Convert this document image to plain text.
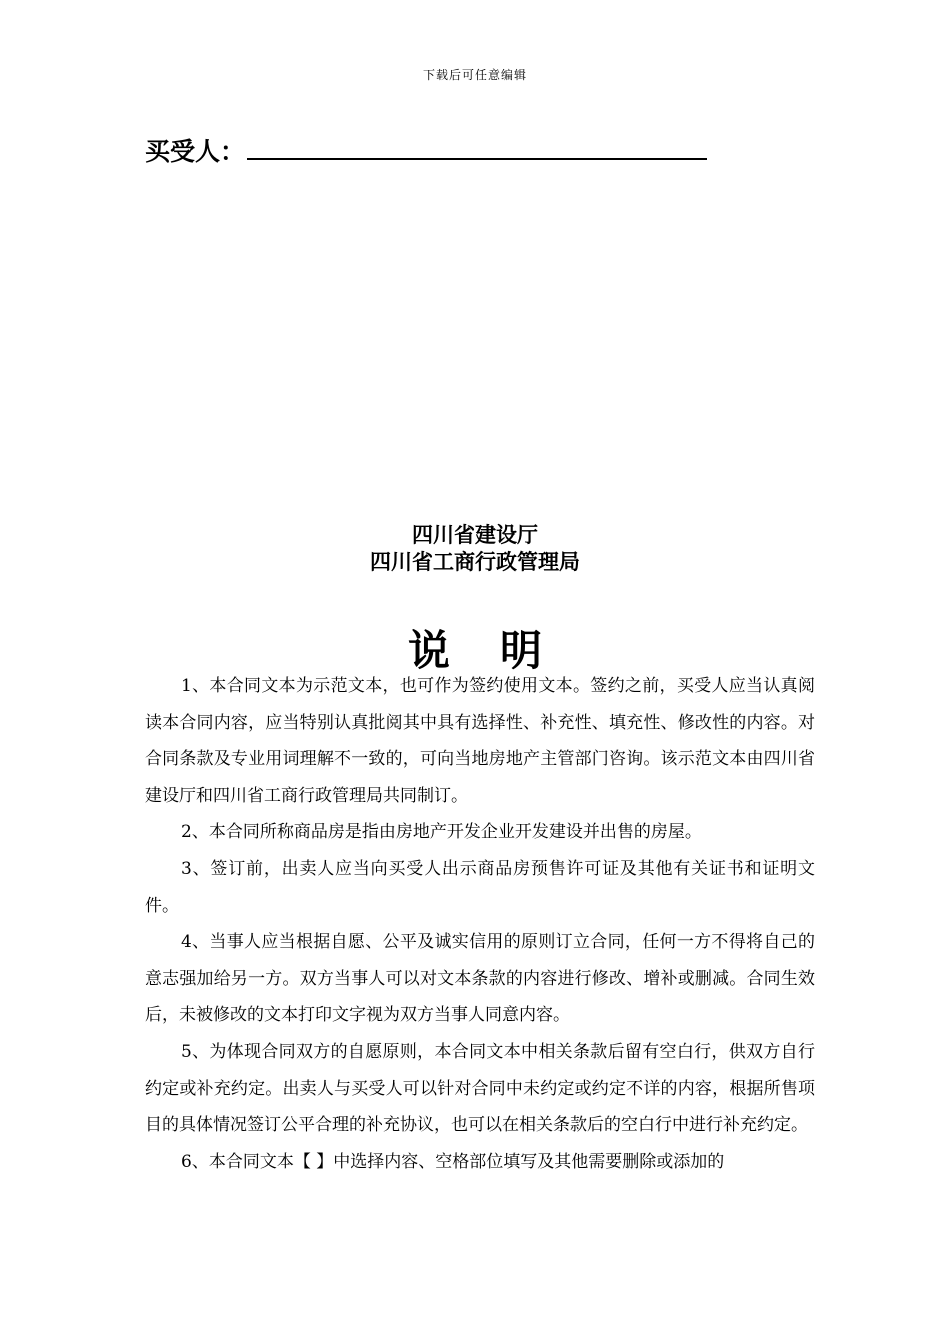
下载后可任意编辑
买受人：
四川省建设厅
四川省工商行政管理局
说明

1、本合同文本为示范文本，也可作为签约使用文本。签约之前，买受人应当认真阅读本合同内容，应当特别认真批阅其中具有选择性、补充性、填充性、修改性的内容。对合同条款及专业用词理解不一致的，可向当地房地产主管部门咨询。该示范文本由四川省建设厅和四川省工商行政管理局共同制订。

2、本合同所称商品房是指由房地产开发企业开发建设并出售的房屋。

3、签订前，出卖人应当向买受人出示商品房预售许可证及其他有关证书和证明文件。

4、当事人应当根据自愿、公平及诚实信用的原则订立合同，任何一方不得将自己的意志强加给另一方。双方当事人可以对文本条款的内容进行修改、增补或删减。合同生效后，未被修改的文本打印文字视为双方当事人同意内容。

5、为体现合同双方的自愿原则，本合同文本中相关条款后留有空白行，供双方自行约定或补充约定。出卖人与买受人可以针对合同中未约定或约定不详的内容，根据所售项目的具体情况签订公平合理的补充协议，也可以在相关条款后的空白行中进行补充约定。

6、本合同文本【 】中选择内容、空格部位填写及其他需要删除或添加的
